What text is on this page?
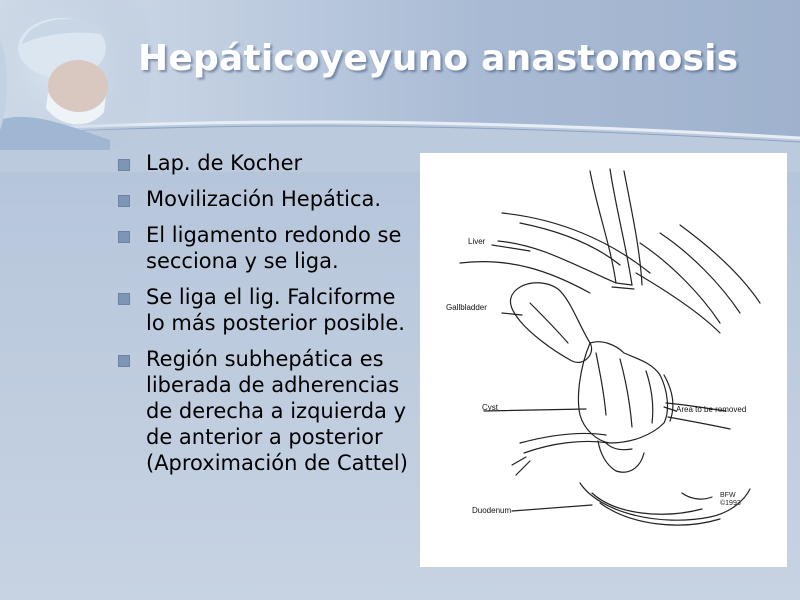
Hepáticoyeyuno anastomosis
Lap. de Kocher
Movilización Hepática.
El ligamento redondo se secciona y se liga.
Se liga el lig. Falciforme lo más posterior posible.
Región subhepática es liberada de adherencias de derecha a izquierda y de anterior a posterior (Aproximación de Cattel)
BFW
©1993
Liver
Gallbladder
Cyst	Area to be removed
Duodenum
